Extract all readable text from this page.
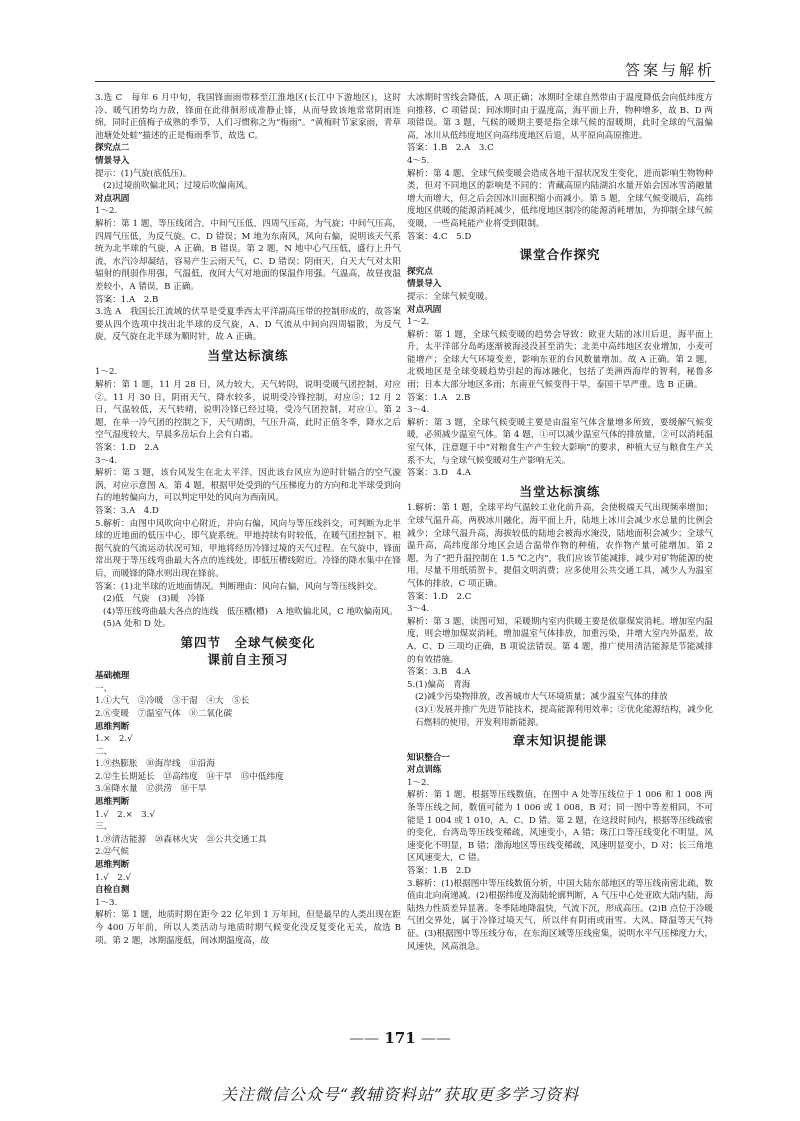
答案与解析
3.选 C　每年 6 月中旬，我国锋面雨带移至江淮地区(长江中下游地区)，这时冷、暖气团势均力敌，锋面在此徘徊形成准静止锋，从而导致该地常常阴雨连绵，同时正值梅子成熟的季节，人们习惯称之为“梅雨”。“黄梅时节家家雨，青草池塘处处蛙”描述的正是梅雨季节，故选 C。
探究点二
情景导入
提示：(1)气旋(底低压)。
(2)过境前吹偏北风；过境后吹偏南风。
对点巩固
1～2.
解析：第 1 题，等压线闭合，中间气压低，四周气压高，为气旋；中间气压高，四周气压低，为反气旋。C、D 错误；M 地为东南风，风向右偏，说明该天气系统为北半球的气旋，A 正确，B 错误。第 2 题，N 地中心气压低，盛行上升气流，水汽冷却凝结，容易产生云雨天气，C、D 错误；阴雨天，白天大气对太阳辐射的削弱作用强，气温低，夜间大气对地面的保温作用强。气温高，故昼夜温差较小，A 错误，B 正确。
答案：1.A　2.B
3.选 A　我国长江流域的伏旱是受夏季西太平洋副高压带的控制形成的，故答案要从四个选项中找出北半球的反气旋，A、D 气流从中间向四周辐散，为反气旋，反气旋在北半球为顺时针，故 A 正确。
当堂达标演练
1～2.
解析：第 1 题，11 月 28 日，风力较大，天气转阴，说明受暖气团控制，对应②。11 月 30 日，阴雨天气，降水较多，说明受冷锋控制，对应⑤；12 月 2 日，气温较低，天气转晴，说明冷锋已经过境，受冷气团控制，对应①。第 2 题，在单一冷气团的控制之下，天气晴朗，气压升高，此时正值冬季，降水之后空气湿度较大，早晨多岳坛台上会有白霜。
答案：1.D　2.A
3～4.
解析：第 3 题，该台风发生在北太平洋，因此该台风应为逆时针辐合的空气漩涡，对应示意图 A。第 4 题，根据甲处受到的气压梯度力的方向和北半球受到向右的地转偏向力，可以判定甲处的风向为西南风。
答案：3.A　4.D
5.解析：由图中风吹向中心附近，并向右偏，风向与等压线斜交，可判断为北半球的近地面的低压中心，即气旋系统。甲地持续有时较低，在暖气团控制下。根据气旋的气流运动状况可知，甲地将经历冷锋过境的天气过程。在气旋中，锋面常出现于等压线弯曲最大各点的连线处，即低压槽线附近。冷锋的降水集中在锋后，而暖锋的降水则出现在锋前。
答案：(1)北半球的近地面情况。判断理由：风向右偏，风向与等压线斜交。
(2)低　气旋　(3)暖　冷锋
(4)等压线弯曲最大各点的连线　低压槽(槽)　A 地吹偏北风，C 地吹偏南风。
(5)A 处和 D 处。
第四节　全球气候变化
课前自主预习
基础梳理
一、
1.①大气　②冷暖　③干湿　④大　⑤长
2.⑥变暖　⑦温室气体　⑧二氧化碳
思维判断
1.×　2.√
二、
1.⑨热膨胀　⑩海岸线　⑪沿海
2.⑫生长期延长　⑬高纬度　⑭干旱　⑮中低纬度
3.⑯降水量　⑰洪涝　⑱干旱
思维判断
1.√　2.×　3.√
三、
1.⑲清洁能源　⑳森林火灾　㉑公共交通工具
2.㉒气候
思维判断
1.√　2.√
自检自测
1～3.
解析：第 1 题，地质时期在距今 22 亿年到 1 万年间，但是最早的人类出现在距今 400 万年前，所以人类活动与地质时期气候变化没反复变化无关，故选 B 项。第 2 题，冰期温度低，间冰期温度高，故
大冰期时雪线会降低，A 项正确；冰期时全球自然带由于温度降低会向低纬度方向推移，C 项错误；间冰期时由于温度高，海平面上升，物种增多，故 B、D 两项错误。第 3 题，气候的暖期主要是指全球气候的湿暖期，此时全球的气温偏高，冰川从低纬度地区向高纬度地区后退，从平原向高原推进。
答案：1.B　2.A　3.C
4～5.
解析：第 4 题，全球气候变暖会造成各地干湿状况发生变化，进而影响生物物种类，但对不同地区的影响是不同的：青藏高原内陆湖泊水量开始会因冰雪消融量增大而增大，但之后会因冰川面积缩小而减小。第 5 题，全球气候变暖后，高纬度地区供暖的能源消耗减少，低纬度地区制冷的能源消耗增加，为抑制全球气候变暖，一些高耗能产业将受到限制。
答案：4.C　5.D
课堂合作探究
探究点
情景导入
提示：全球气候变暖。
对点巩固
1～2.
解析：第 1 题，全球气候变暖的趋势会导致：欧亚大陆的冰川后退，海平面上升，太平洋部分岛屿逐渐被海浸没甚至消失；北美中高纬地区农业增加，小麦可能增产；全球大气环境变差，影响东亚的台风数量增加。故 A 正确。第 2 题，北极地区是全球变暖趋势引起的海冰融化，包括了美洲西海岸的智利，秘鲁多雨；日本大部分地区多雨；东南亚气候变得干旱，泰国干旱严重。选 B 正确。
答案：1.A　2.B
3～4.
解析：第 3 题，全球气候变暖主要是由温室气体含量增多所致，要缓解气候变暖，必须减少温室气体。第 4 题，①可以减少温室气体的排放量，②可以消耗温室气体，注意题干中“对粮食生产产生较大影响”的要求，种植大豆与粮食生产关系不大，与全球气候变暖对生产影响无关。
答案：3.D　4.A
当堂达标演练
1.解析：第 1 题，全球平均气温较工业化前升高，会使极端天气出现频率增加；全球气温升高，两极冰川融化，海平面上升，陆地上冰川会减少水总量的比例会减少；全球气温升高，海拔较低的陆地会被海水淹没，陆地面积会减少；全球气温升高，高纬度部分地区会适合温带作物的种植，农作物产量可能增加。第 2 题，为了“把升温控制在 1.5 ℃之内”，我们应该节能减排，减少对矿物能源的使用，尽量不用纸质贺卡，提倡文明消费；应多使用公共交通工具，减少人为温室气体的排放，C 项正确。
答案：1.D　2.C
3～4.
解析：第 3 题，读图可知，采暖期内室内供暖主要是依靠煤炭消耗。增加室内温度，则会增加煤炭消耗，增加温室气体排放，加重污染，并增大室内外温差，故 A、C、D 三项均正确，B 项说法错误。第 4 题，推广使用清洁能源是节能减排的有效措施。
答案：3.B　4.A
5.(1)偏高　青海
(2)减少污染物排放，改善城市大气环境质量；减少温室气体的排放
(3)①发展并推广先进节能技术，提高能源利用效率；②优化能源结构，减少化石燃料的使用，开发利用新能源。
章末知识提能课
知识整合一
对点训练
1～2.
解析：第 1 题，根据等压线数值，在图中 A 处等压线位于 1 006 和 1 008 两条等压线之间，数值可能为 1 006 或 1 008，B 对；同一图中等差相同，不可能是 1 004 或 1 010，A、C、D 错。第 2 题，在这段时间内，根据等压线疏密的变化，台湾岛等压线变稀疏，风速变小，A 错；珠江口等压线变化不明显，风速变化不明显，B 错；渤海地区等压线变稀疏，风速明显变小，D 对；长三角地区风速变大，C 错。
答案：1.B　2.D
3.解析：(1)根据图中等压线数值分析，中国大陆东部地区的等压线南密北疏，数值由北向南递减。(2)根据纬度及海陆轮廓判断，A 气压中心处亚欧大陆内陆，海陆热力性质差异显著。冬季陆地降温快，气流下沉，形成高压。(2)B 点位于冷暖气团交界处，属于冷锋过境天气，所以伴有阴雨或雨雪、大风、降温等天气特征。(3)根据图中等压线分布，在东海区域等压线密集，说明水平气压梯度力大，风速快，风高浪急。
—— 171 ——
关注微信公众号“教辅资料站”获取更多学习资料
